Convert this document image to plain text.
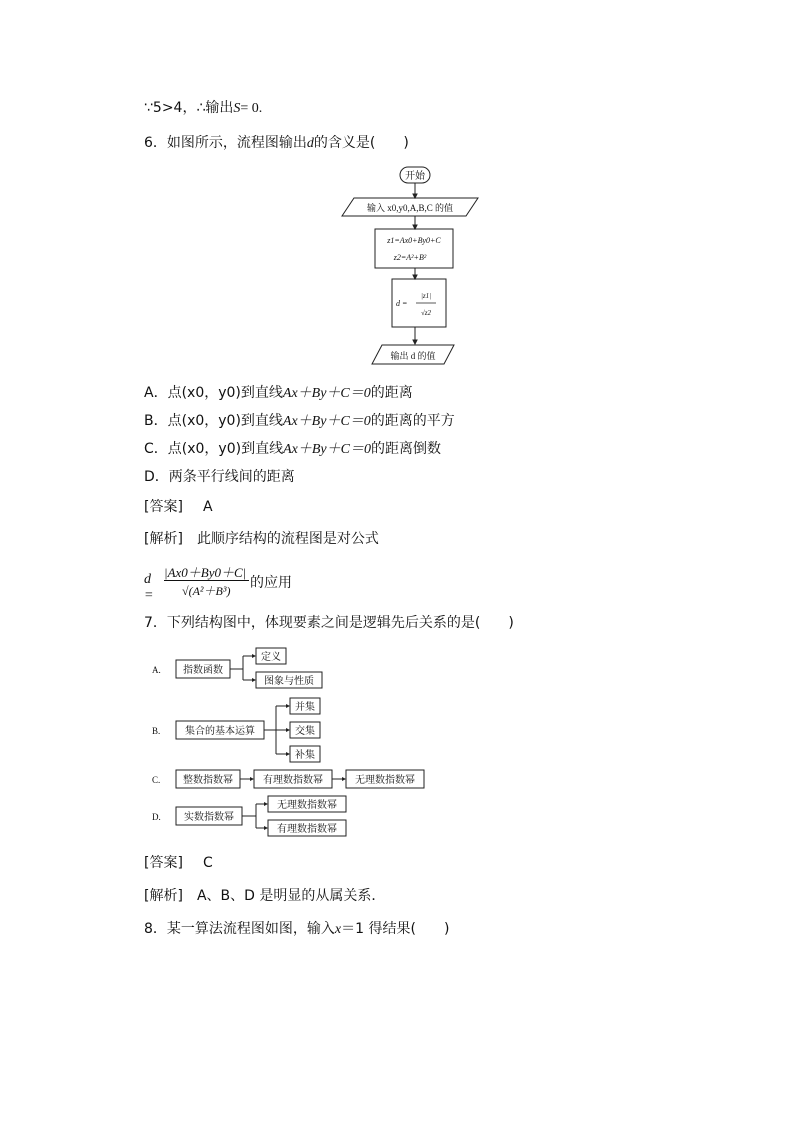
∵5>4，∴输出S= 0.
6．如图所示，流程图输出d的含义是(　　)
开始
输入 x0,y0,A,B,C 的值
z1=Ax0+By0+C
z2=A²+B²
d =
|z1|
√z2
输出 d 的值
A．点(x0，y0)到直线Ax＋By＋C＝0的距离
B．点(x0，y0)到直线Ax＋By＋C＝0的距离的平方
C．点(x0，y0)到直线Ax＋By＋C＝0的距离倒数
D．两条平行线间的距离
[答案] A
[解析] 此顺序结构的流程图是对公式
d =
|Ax0＋By0＋C|
√(A²＋B³) 的应用
7．下列结构图中，体现要素之间是逻辑先后关系的是(　　)
A. 指数函数
定义
图象与性质
B. 集合的基本运算
并集
交集
补集
C. 整数指数幂	有理数指数幂	无理数指数幂
D. 实数指数幂
无理数指数幂
有理数指数幂
[答案] C
[解析] A、B、D 是明显的从属关系．
8．某一算法流程图如图，输入x＝1 得结果(　　)
